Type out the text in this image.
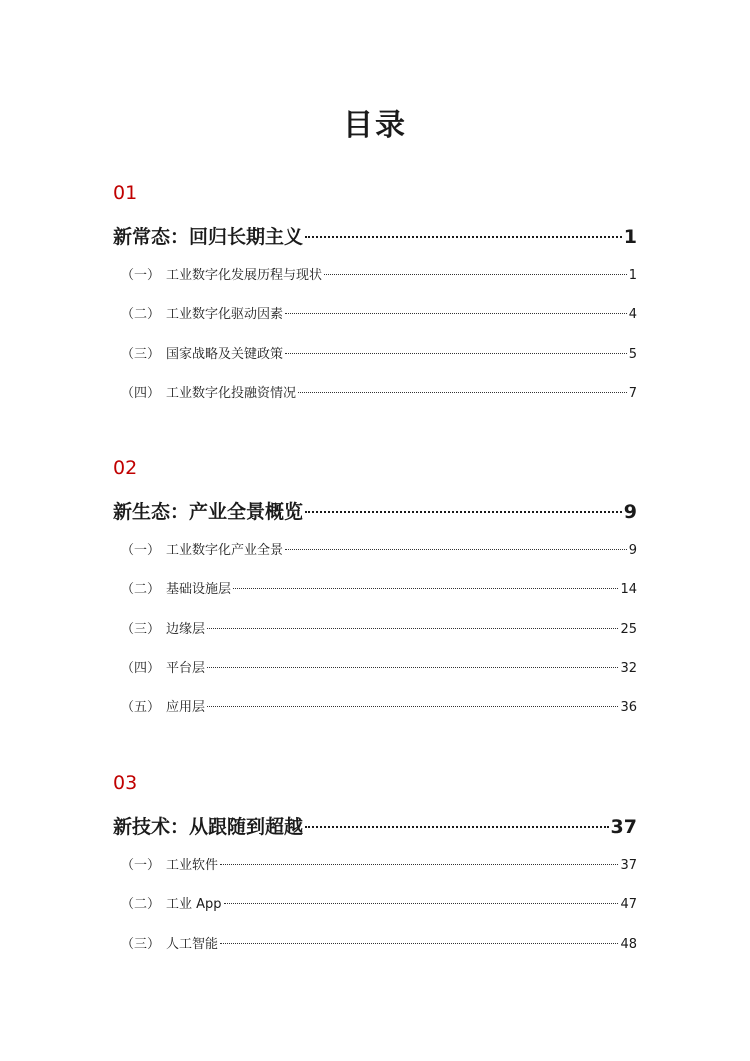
目录
01
新常态：回归长期主义	1
（一） 工业数字化发展历程与现状	1
（二） 工业数字化驱动因素	4
（三） 国家战略及关键政策	5
（四） 工业数字化投融资情况	7
02
新生态：产业全景概览	9
（一） 工业数字化产业全景	9
（二） 基础设施层	14
（三） 边缘层	25
（四） 平台层	32
（五） 应用层	36
03
新技术：从跟随到超越	37
（一） 工业软件	37
（二） 工业 App	47
（三） 人工智能	48
